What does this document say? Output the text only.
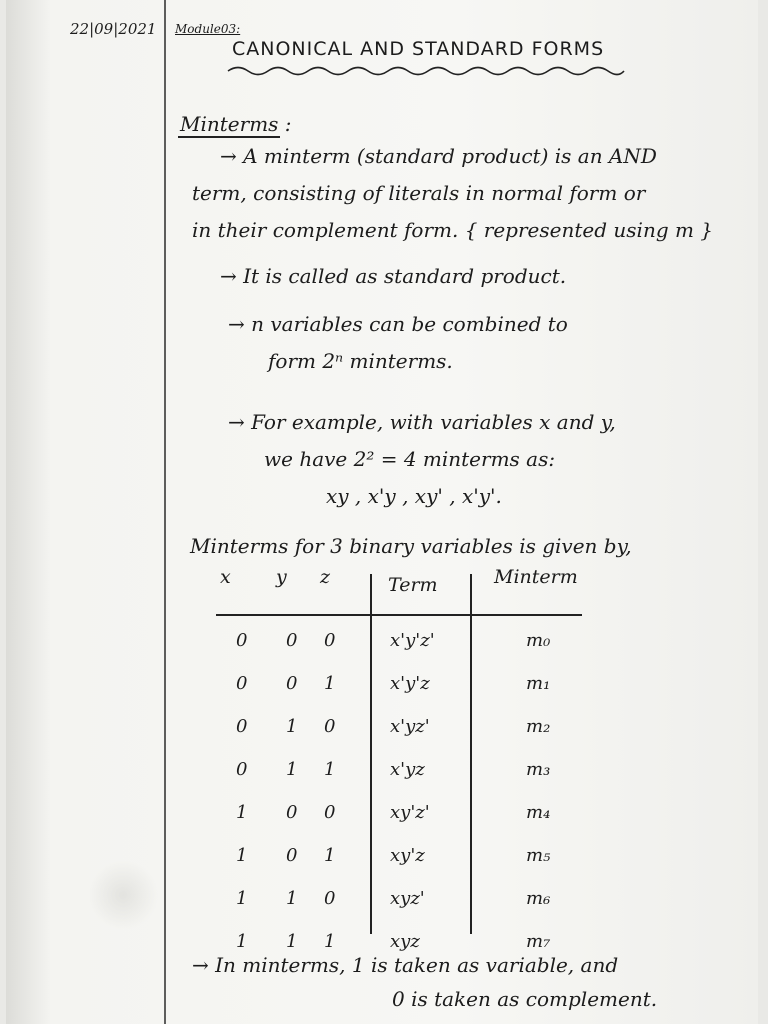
22|09|2021 Module03:
CANONICAL AND STANDARD FORMS
Minterms :
→ A minterm (standard product) is an AND
term, consisting of literals in normal form or
in their complement form. { represented using m }
→ It is called as standard product.
→ n variables can be combined to
form 2ⁿ minterms.
→ For example, with variables x and y,
we have 2² = 4 minterms as:
xy , x'y , xy' , x'y'.
Minterms for 3 binary variables is given by,
x y z	Term	Minterm
0 0 0	x'y'z'	m₀
0 0 1	x'y'z	m₁
0 1 0	x'yz'	m₂
0 1 1	x'yz	m₃
1 0 0	xy'z'	m₄
1 0 1	xy'z	m₅
1 1 0	xyz'	m₆
1 1 1	xyz	m₇
→ In minterms, 1 is taken as variable, and
0 is taken as complement.
